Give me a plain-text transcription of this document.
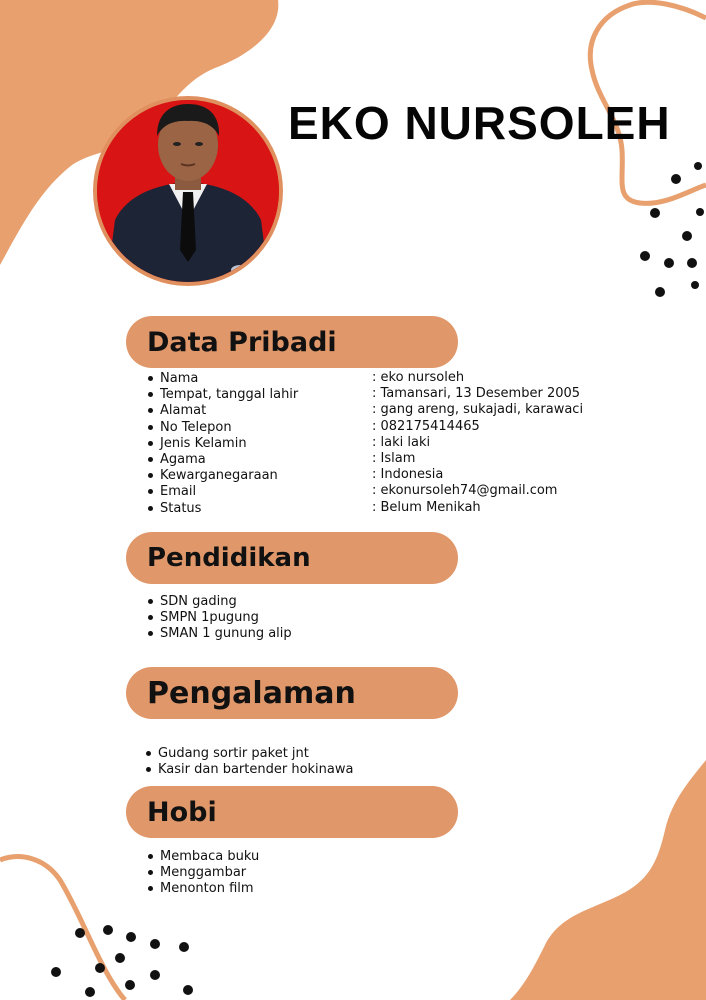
EKO NURSOLEH
Data Pribadi
Nama
Tempat, tanggal lahir
Alamat
No Telepon
Jenis Kelamin
Agama
Kewarganegaraan
Email
Status
: eko nursoleh
: Tamansari, 13 Desember 2005
: gang areng, sukajadi, karawaci
: 082175414465
: laki laki
: Islam
: Indonesia
: ekonursoleh74@gmail.com
: Belum Menikah
Pendidikan
SDN gading
SMPN 1pugung
SMAN 1 gunung alip
Pengalaman
Gudang sortir paket jnt
Kasir dan bartender hokinawa
Hobi
Membaca buku
Menggambar
Menonton film
